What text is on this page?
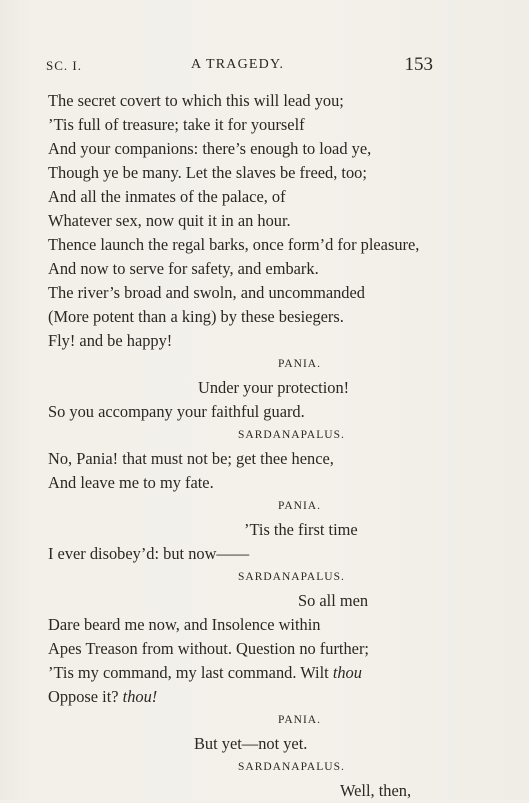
SC. I.	A TRAGEDY.	153
The secret covert to which this will lead you;
’Tis full of treasure; take it for yourself
And your companions: there’s enough to load ye,
Though ye be many. Let the slaves be freed, too;
And all the inmates of the palace, of
Whatever sex, now quit it in an hour.
Thence launch the regal barks, once form’d for pleasure,
And now to serve for safety, and embark.
The river’s broad and swoln, and uncommanded
(More potent than a king) by these besiegers.
Fly! and be happy!
PANIA.
Under your protection!
So you accompany your faithful guard.
SARDANAPALUS.
No, Pania! that must not be; get thee hence,
And leave me to my fate.
PANIA.
’Tis the first time
I ever disobey’d: but now——
SARDANAPALUS.
So all men
Dare beard me now, and Insolence within
Apes Treason from without. Question no further;
’Tis my command, my last command. Wilt thou
Oppose it? thou!
PANIA.
But yet—not yet.
SARDANAPALUS.
Well, then,
